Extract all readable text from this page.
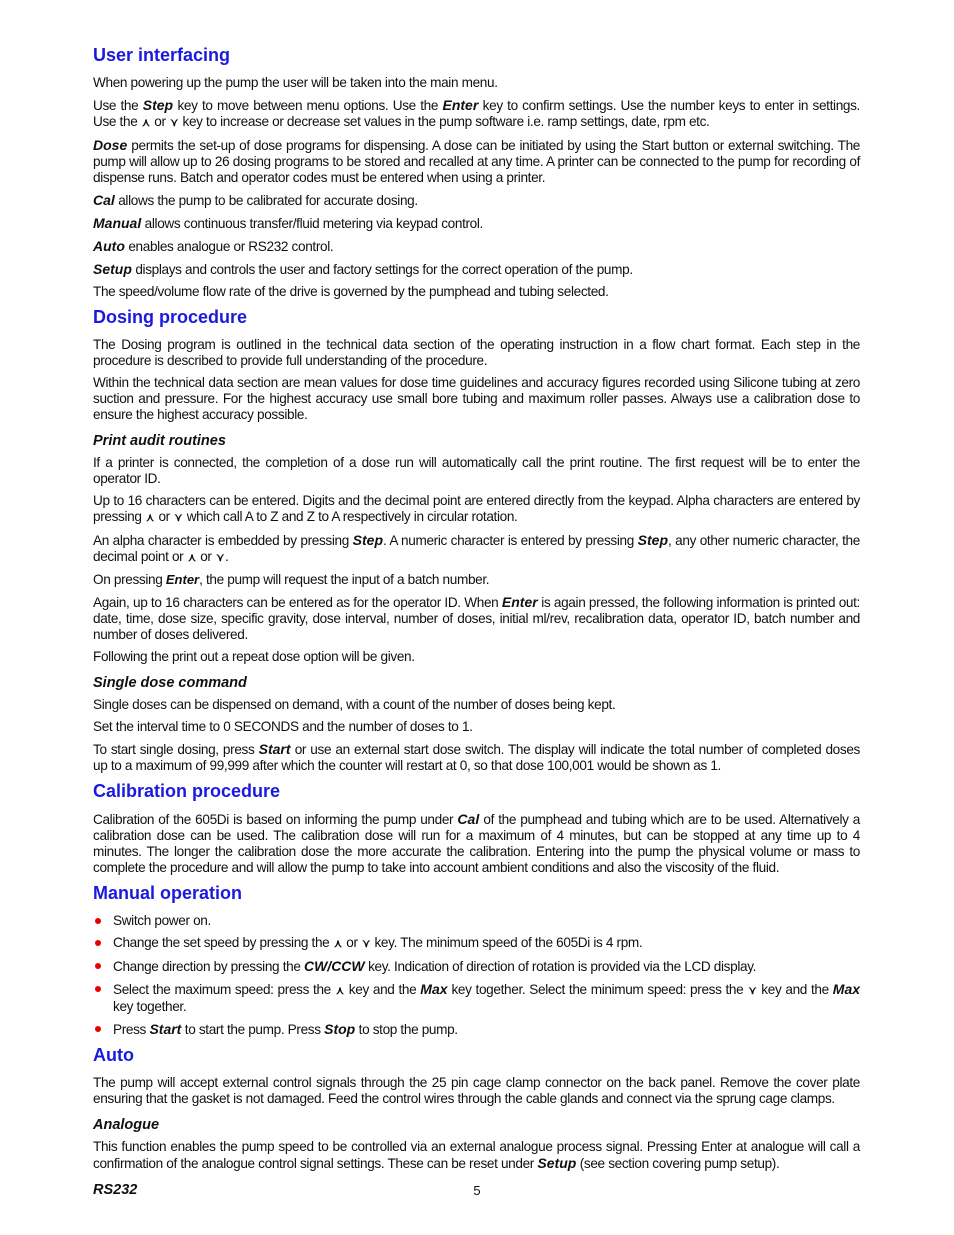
User interfacing

When powering up the pump the user will be taken into the main menu.

Use the Step key to move between menu options. Use the Enter key to confirm settings. Use the number keys to enter in settings. Use the ⋏ or ⋎ key to increase or decrease set values in the pump software i.e. ramp settings, date, rpm etc.

Dose permits the set-up of dose programs for dispensing. A dose can be initiated by using the Start button or external switching. The pump will allow up to 26 dosing programs to be stored and recalled at any time. A printer can be connected to the pump for recording of dispense runs. Batch and operator codes must be entered when using a printer.

Cal allows the pump to be calibrated for accurate dosing.

Manual allows continuous transfer/fluid metering via keypad control.

Auto enables analogue or RS232 control.

Setup displays and controls the user and factory settings for the correct operation of the pump.

The speed/volume flow rate of the drive is governed by the pumphead and tubing selected.

Dosing procedure

The Dosing program is outlined in the technical data section of the operating instruction in a flow chart format. Each step in the procedure is described to provide full understanding of the procedure.

Within the technical data section are mean values for dose time guidelines and accuracy figures recorded using Silicone tubing at zero suction and pressure. For the highest accuracy use small bore tubing and maximum roller passes. Always use a calibration dose to ensure the highest accuracy possible.

Print audit routines

If a printer is connected, the completion of a dose run will automatically call the print routine. The first request will be to enter the operator ID.

Up to 16 characters can be entered. Digits and the decimal point are entered directly from the keypad. Alpha characters are entered by pressing ⋏ or ⋎ which call A to Z and Z to A respectively in circular rotation.

An alpha character is embedded by pressing Step. A numeric character is entered by pressing Step, any other numeric character, the decimal point or ⋏ or ⋎.

On pressing Enter, the pump will request the input of a batch number.

Again, up to 16 characters can be entered as for the operator ID. When Enter is again pressed, the following information is printed out: date, time, dose size, specific gravity, dose interval, number of doses, initial ml/rev, recalibration data, operator ID, batch number and number of doses delivered.

Following the print out a repeat dose option will be given.

Single dose command

Single doses can be dispensed on demand, with a count of the number of doses being kept.

Set the interval time to 0 SECONDS and the number of doses to 1.

To start single dosing, press Start or use an external start dose switch. The display will indicate the total number of completed doses up to a maximum of 99,999 after which the counter will restart at 0, so that dose 100,001 would be shown as 1.

Calibration procedure

Calibration of the 605Di is based on informing the pump under Cal of the pumphead and tubing which are to be used. Alternatively a calibration dose can be used. The calibration dose will run for a maximum of 4 minutes, but can be stopped at any time up to 4 minutes. The longer the calibration dose the more accurate the calibration. Entering into the pump the physical volume or mass to complete the procedure and will allow the pump to take into account ambient conditions and also the viscosity of the fluid.

Manual operation
Switch power on.
Change the set speed by pressing the ⋏ or ⋎ key. The minimum speed of the 605Di is 4 rpm.
Change direction by pressing the CW/CCW key. Indication of direction of rotation is provided via the LCD display.
Select the maximum speed: press the ⋏ key and the Max key together. Select the minimum speed: press the ⋎ key and the Max key together.
Press Start to start the pump. Press Stop to stop the pump.
Auto

The pump will accept external control signals through the 25 pin cage clamp connector on the back panel. Remove the cover plate ensuring that the gasket is not damaged. Feed the control wires through the cable glands and connect via the sprung cage clamps.

Analogue

This function enables the pump speed to be controlled via an external analogue process signal. Pressing Enter at analogue will call a confirmation of the analogue control signal settings. These can be reset under Setup (see section covering pump setup).

RS232	5
